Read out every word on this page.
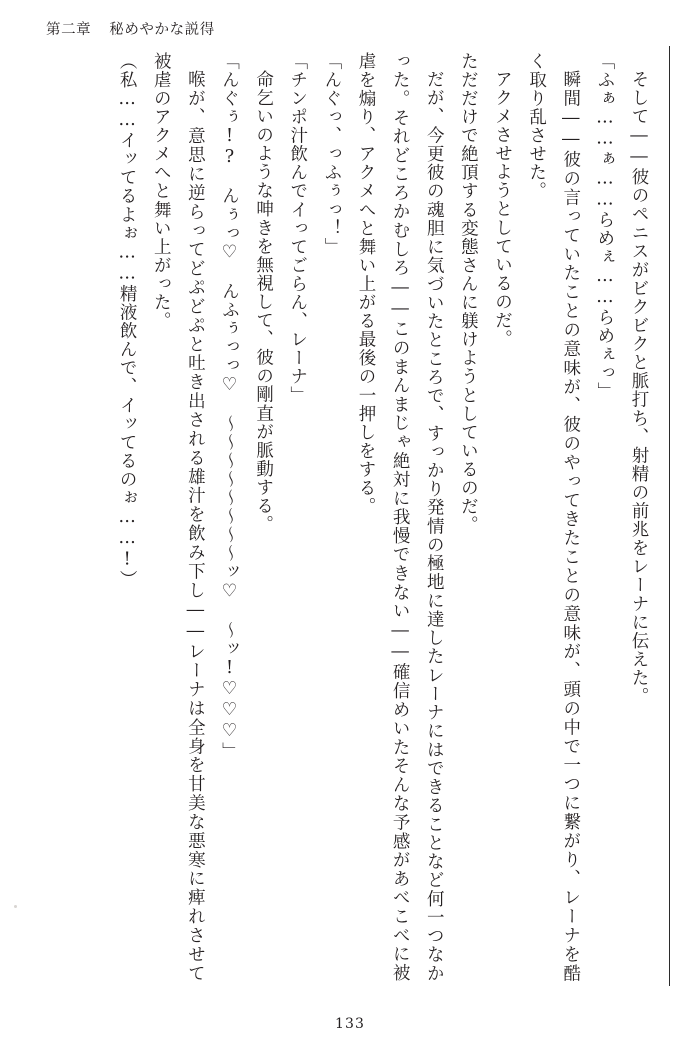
第二章 秘めやかな説得

そして――彼のペニスがビクビクと脈打ち、射精の前兆をレーナに伝えた。

「ふぁ……ぁ……らめぇ……らめぇっ」

瞬間――彼の言っていたことの意味が、彼のやってきたことの意味が、頭の中で一つに繋がり、レーナを酷く取り乱させた。

アクメさせようとしているのだ。

ただだけで絶頂する変態さんに躾けようとしているのだ。

だが、今更彼の魂胆に気づいたところで、すっかり発情の極地に達したレーナにはできることなど何一つなかった。それどころかむしろ――このまんまじゃ絶対に我慢できない――確信めいたそんな予感があべこべに被虐を煽り、アクメへと舞い上がる最後の一押しをする。

「んぐっ、っふぅっ！」

「チンポ汁飲んでイってごらん、レーナ」

命乞いのような呻きを無視して、彼の剛直が脈動する。

「んぐぅ!?　んぅっ♡　んふぅっっ♡　～～～～～～～～ッ♡　～ッ!♡♡♡」

喉が、意思に逆らってどぷどぷと吐き出される雄汁を飲み下し――レーナは全身を甘美な悪寒に痺れさせて被虐のアクメへと舞い上がった。

（私……イッてるよぉ……精液飲んで、イッてるのぉ……!）

133
